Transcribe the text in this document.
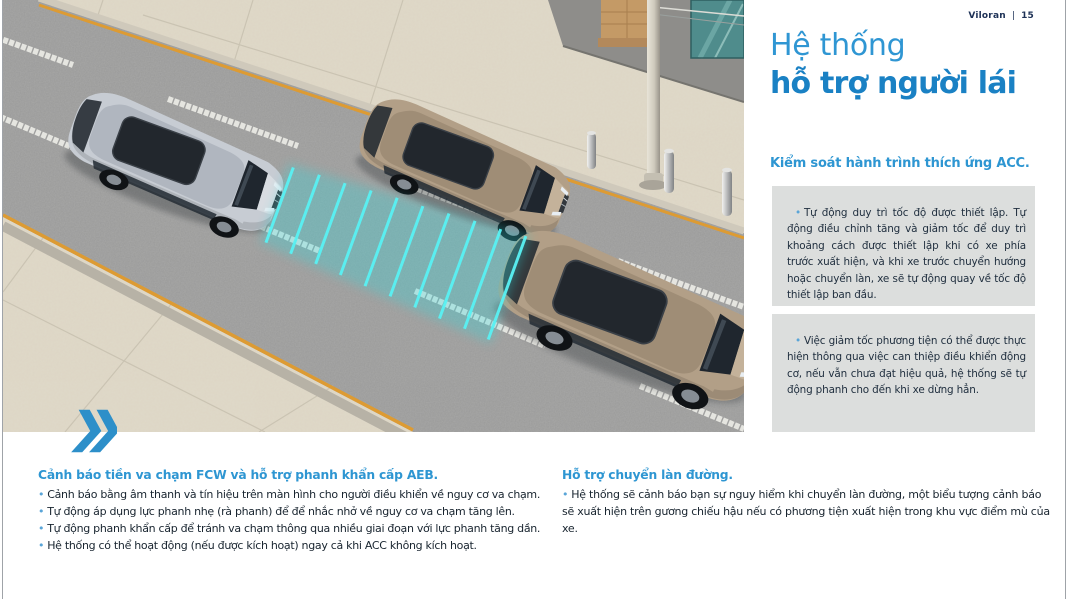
Viloran | 15
Hệ thống
hỗ trợ người lái
Kiểm soát hành trình thích ứng ACC.

• Tự động duy trì tốc độ được thiết lập. Tự động điều chỉnh tăng và giảm tốc để duy trì khoảng cách được thiết lập khi có xe phía trước xuất hiện, và khi xe trước chuyển hướng hoặc chuyển làn, xe sẽ tự động quay về tốc độ thiết lập ban đầu.

• Việc giảm tốc phương tiện có thể được thực hiện thông qua việc can thiệp điều khiển động cơ, nếu vẫn chưa đạt hiệu quả, hệ thống sẽ tự động phanh cho đến khi xe dừng hẳn.

Cảnh báo tiền va chạm FCW và hỗ trợ phanh khẩn cấp AEB.
• Cảnh báo bằng âm thanh và tín hiệu trên màn hình cho người điều khiển về nguy cơ va chạm.
• Tự động áp dụng lực phanh nhẹ (rà phanh) để để nhắc nhở về nguy cơ va chạm tăng lên.
• Tự động phanh khẩn cấp để tránh va chạm thông qua nhiều giai đoạn với lực phanh tăng dần.
• Hệ thống có thể hoạt động (nếu được kích hoạt) ngay cả khi ACC không kích hoạt.
Hỗ trợ chuyển làn đường.
• Hệ thống sẽ cảnh báo bạn sự nguy hiểm khi chuyển làn đường, một biểu tượng cảnh báo sẽ xuất hiện trên gương chiếu hậu nếu có phương tiện xuất hiện trong khu vực điểm mù của xe.
